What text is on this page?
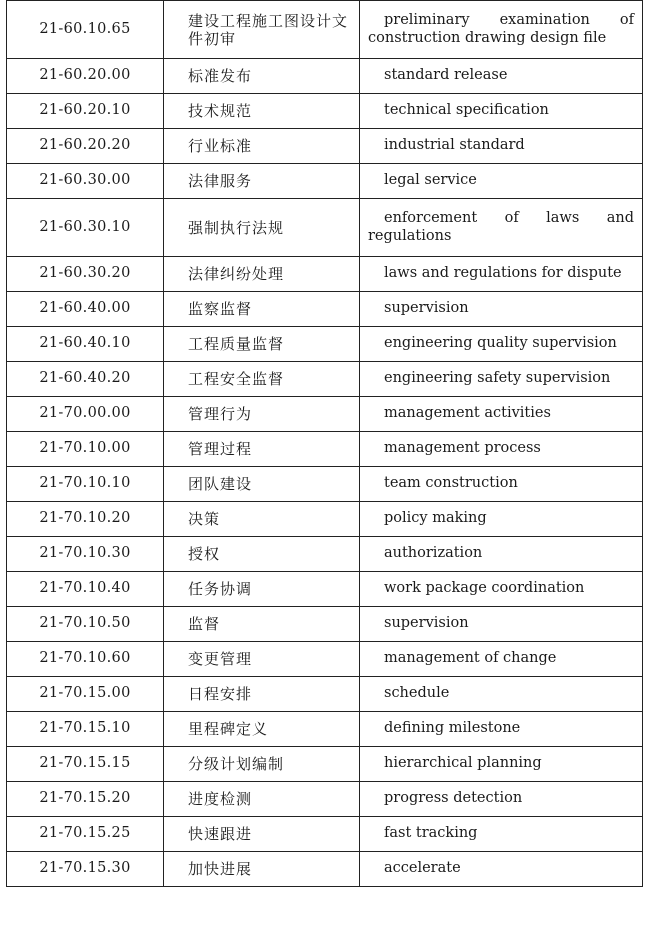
21-60.10.65	建设工程施工图设计文件初审	preliminary examination of construction drawing design file

21-60.20.00	标准发布	standard release
21-60.20.10	技术规范	technical specification
21-60.20.20	行业标准	industrial standard
21-60.30.00	法律服务	legal service
21-60.30.10	强制执行法规	enforcement of laws and regulations

21-60.30.20	法律纠纷处理	laws and regulations for dispute
21-60.40.00	监察监督	supervision
21-60.40.10	工程质量监督	engineering quality supervision
21-60.40.20	工程安全监督	engineering safety supervision
21-70.00.00	管理行为	management activities
21-70.10.00	管理过程	management process
21-70.10.10	团队建设	team construction
21-70.10.20	决策	policy making
21-70.10.30	授权	authorization
21-70.10.40	任务协调	work package coordination
21-70.10.50	监督	supervision
21-70.10.60	变更管理	management of change
21-70.15.00	日程安排	schedule
21-70.15.10	里程碑定义	defining milestone
21-70.15.15	分级计划编制	hierarchical planning
21-70.15.20	进度检测	progress detection
21-70.15.25	快速跟进	fast tracking
21-70.15.30	加快进展	accelerate
